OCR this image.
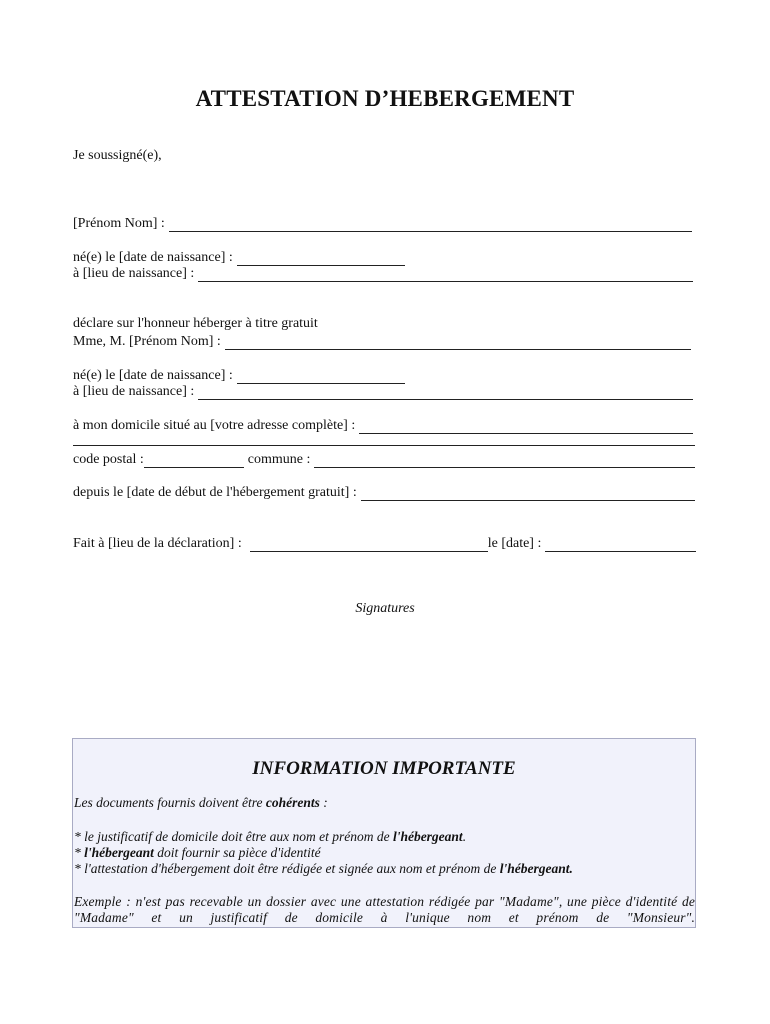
ATTESTATION D’HEBERGEMENT
Je soussigné(e),
[Prénom Nom] :
né(e) le [date de naissance] :
à [lieu de naissance] :
déclare sur l'honneur héberger à titre gratuit
Mme, M. [Prénom Nom] :
né(e) le [date de naissance] :
à [lieu de naissance] :
à mon domicile situé au [votre adresse complète] :
code postal :	commune :
depuis le [date de début de l'hébergement gratuit] :
Fait à [lieu de la déclaration] :	le [date] :
Signatures
INFORMATION IMPORTANTE
Les documents fournis doivent être cohérents :
* le justificatif de domicile doit être aux nom et prénom de l'hébergeant.
* l'hébergeant doit fournir sa pièce d'identité
* l'attestation d'hébergement doit être rédigée et signée aux nom et prénom de l'hébergeant.
Exemple : n'est pas recevable un dossier avec une attestation rédigée par "Madame", une pièce d'identité de "Madame" et un justificatif de domicile à l'unique nom et prénom de "Monsieur".
